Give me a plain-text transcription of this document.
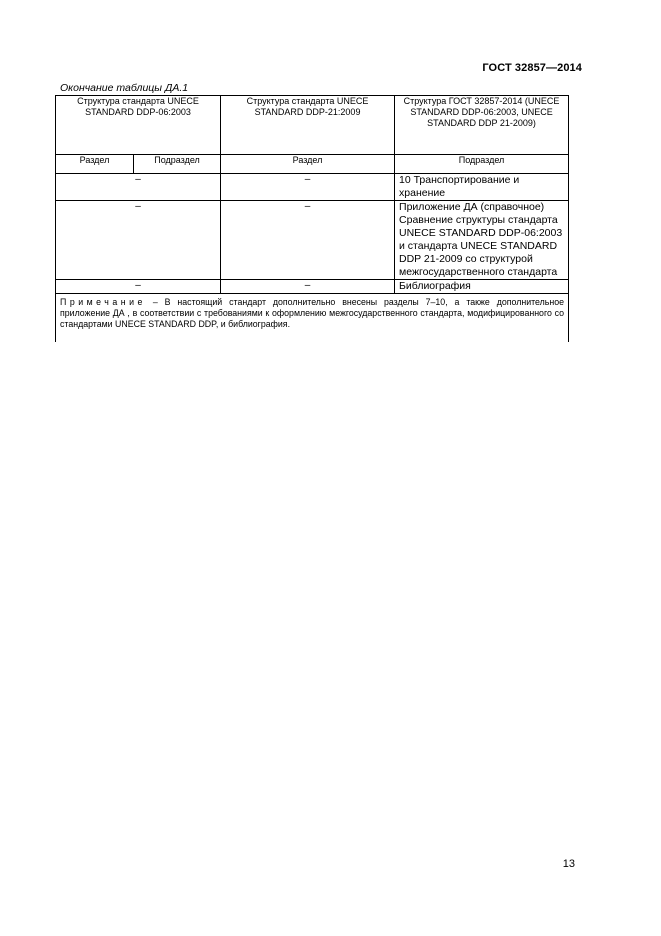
ГОСТ 32857—2014
Окончание таблицы ДА.1
Структура стандарта UNECE STANDARD DDP-06:2003		Структура стандарта UNECE STANDARD DDP-21:2009	Структура ГОСТ 32857-2014 (UNECE STANDARD DDP-06:2003, UNECE STANDARD DDP 21-2009)
Раздел	Подраздел	Раздел	Подраздел
–		–	10 Транспортирование и хранение
–		–	Приложение ДА (справочное) Сравнение структуры стандарта UNECE STANDARD DDP-06:2003 и стандарта UNECE STANDARD DDP 21-2009 со структурой межгосударственного стандарта
–		–	Библиография
Примечание – В настоящий стандарт дополнительно внесены разделы 7–10, а также дополнительное приложение ДА , в соответствии с требованиями к оформлению межгосударственного стандарта, модифицированного со стандартами UNECE STANDARD DDP, и библиография.			
13
